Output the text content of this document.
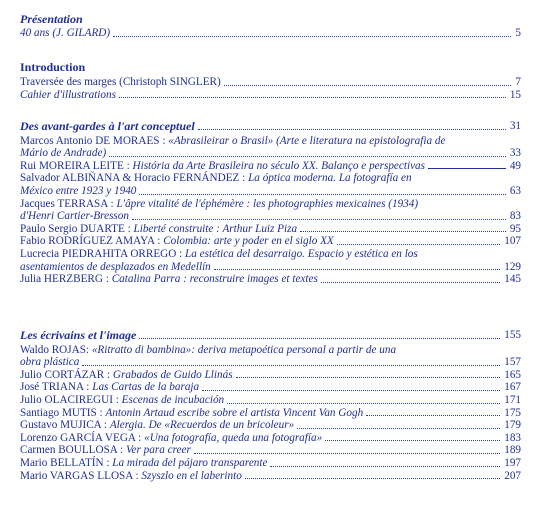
Présentation
40 ans (J. GILARD)	5
Introduction
Traversée des marges (Christoph SINGLER)	7
Cahier d'illustrations	15
Des avant-gardes à l'art conceptuel	31
Marcos Antonio DE MORAES : «Abrasileirar o Brasil» (Arte e literatura na epistolografia de
Mário de Andrade)	33
Rui MOREIRA LEITE : História da Arte Brasileira no século XX. Balanço e perspectivas	49
Salvador ALBIÑANA & Horacio FERNÁNDEZ : La óptica moderna. La fotografía en
México entre 1923 y 1940	63
Jacques TERRASA : L'âpre vitalité de l'éphémère : les photographies mexicaines (1934)
d'Henri Cartier-Bresson	83
Paulo Sergio DUARTE : Liberté construite : Arthur Luiz Piza	95
Fabio RODRÍGUEZ AMAYA : Colombia: arte y poder en el siglo XX	107
Lucrecia PIEDRAHITA ORREGO : La estética del desarraigo. Espacio y estética en los
asentamientos de desplazados en Medellín	129
Julia HERZBERG : Catalina Parra : reconstruire images et textes	145
Les écrivains et l'image	155
Waldo ROJAS: «Ritratto di bambina»: deriva metapoética personal a partir de una
obra plástica	157
Julio CORTÁZAR : Grabados de Guido Llinás	165
José TRIANA : Las Cartas de la baraja	167
Julio OLACIREGUI : Escenas de incubación	171
Santiago MUTIS : Antonin Artaud escribe sobre el artista Vincent Van Gogh	175
Gustavo MUJICA : Alergia. De «Recuerdos de un bricoleur»	179
Lorenzo GARCÍA VEGA : «Una fotografía, queda una fotografía»	183
Carmen BOULLOSA : Ver para creer	189
Mario BELLATÍN : La mirada del pájaro transparente	197
Mario VARGAS LLOSA : Szyszlo en el laberinto	207
